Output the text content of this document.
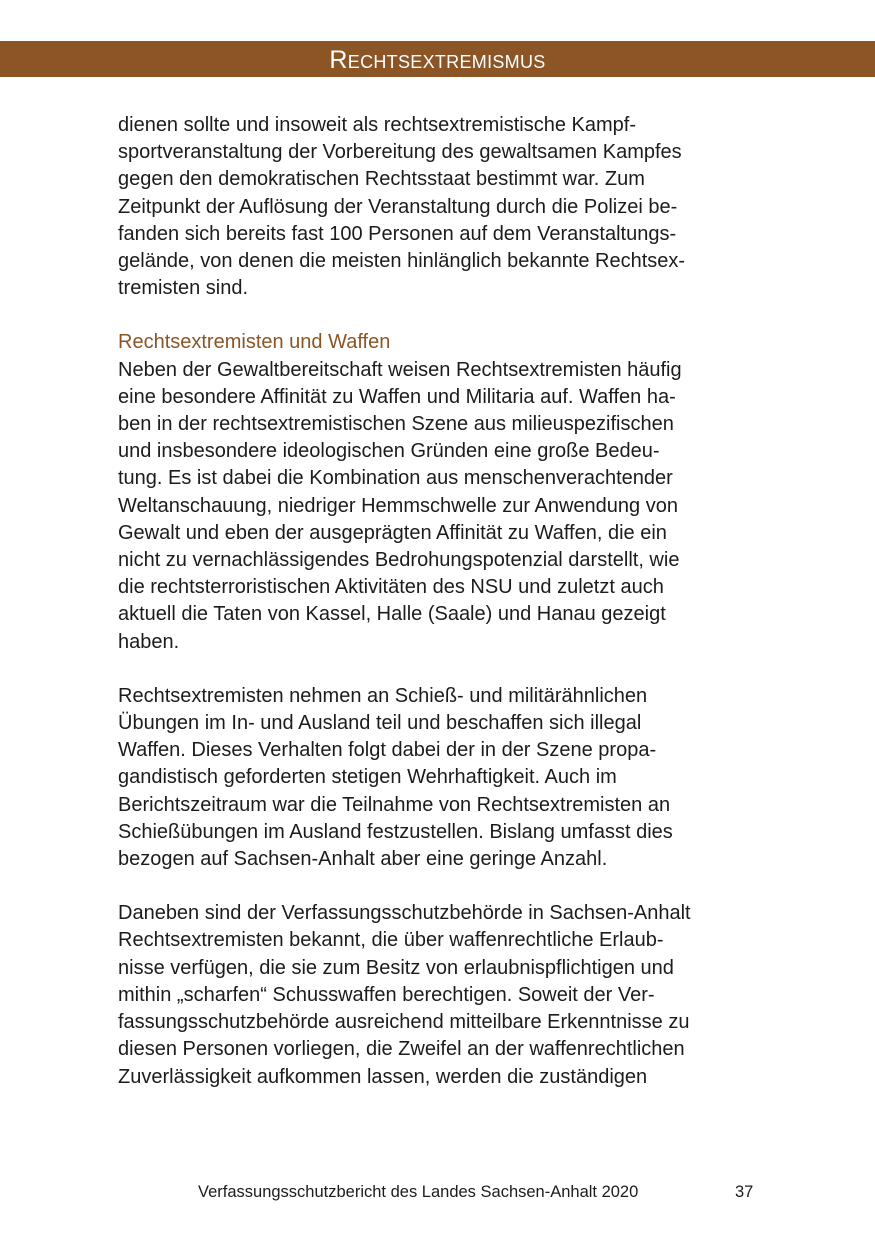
Rechtsextremismus
dienen sollte und insoweit als rechtsextremistische Kampf-
sportveranstaltung der Vorbereitung des gewaltsamen Kampfes
gegen den demokratischen Rechtsstaat bestimmt war. Zum
Zeitpunkt der Auflösung der Veranstaltung durch die Polizei be-
fanden sich bereits fast 100 Personen auf dem Veranstaltungs-
gelände, von denen die meisten hinlänglich bekannte Rechtsex-
tremisten sind.
Rechtsextremisten und Waffen
Neben der Gewaltbereitschaft weisen Rechtsextremisten häufig
eine besondere Affinität zu Waffen und Militaria auf. Waffen ha-
ben in der rechtsextremistischen Szene aus milieuspezifischen
und insbesondere ideologischen Gründen eine große Bedeu-
tung. Es ist dabei die Kombination aus menschenverachtender
Weltanschauung, niedriger Hemmschwelle zur Anwendung von
Gewalt und eben der ausgeprägten Affinität zu Waffen, die ein
nicht zu vernachlässigendes Bedrohungspotenzial darstellt, wie
die rechtsterroristischen Aktivitäten des NSU und zuletzt auch
aktuell die Taten von Kassel, Halle (Saale) und Hanau gezeigt
haben.
Rechtsextremisten nehmen an Schieß- und militärähnlichen
Übungen im In- und Ausland teil und beschaffen sich illegal
Waffen. Dieses Verhalten folgt dabei der in der Szene propa-
gandistisch geforderten stetigen Wehrhaftigkeit. Auch im
Berichtszeitraum war die Teilnahme von Rechtsextremisten an
Schießübungen im Ausland festzustellen. Bislang umfasst dies
bezogen auf Sachsen-Anhalt aber eine geringe Anzahl.
Daneben sind der Verfassungsschutzbehörde in Sachsen-Anhalt
Rechtsextremisten bekannt, die über waffenrechtliche Erlaub-
nisse verfügen, die sie zum Besitz von erlaubnispflichtigen und
mithin „scharfen“ Schusswaffen berechtigen. Soweit der Ver-
fassungsschutzbehörde ausreichend mitteilbare Erkenntnisse zu
diesen Personen vorliegen, die Zweifel an der waffenrechtlichen
Zuverlässigkeit aufkommen lassen, werden die zuständigen
Verfassungsschutzbericht des Landes Sachsen-Anhalt 2020	37
